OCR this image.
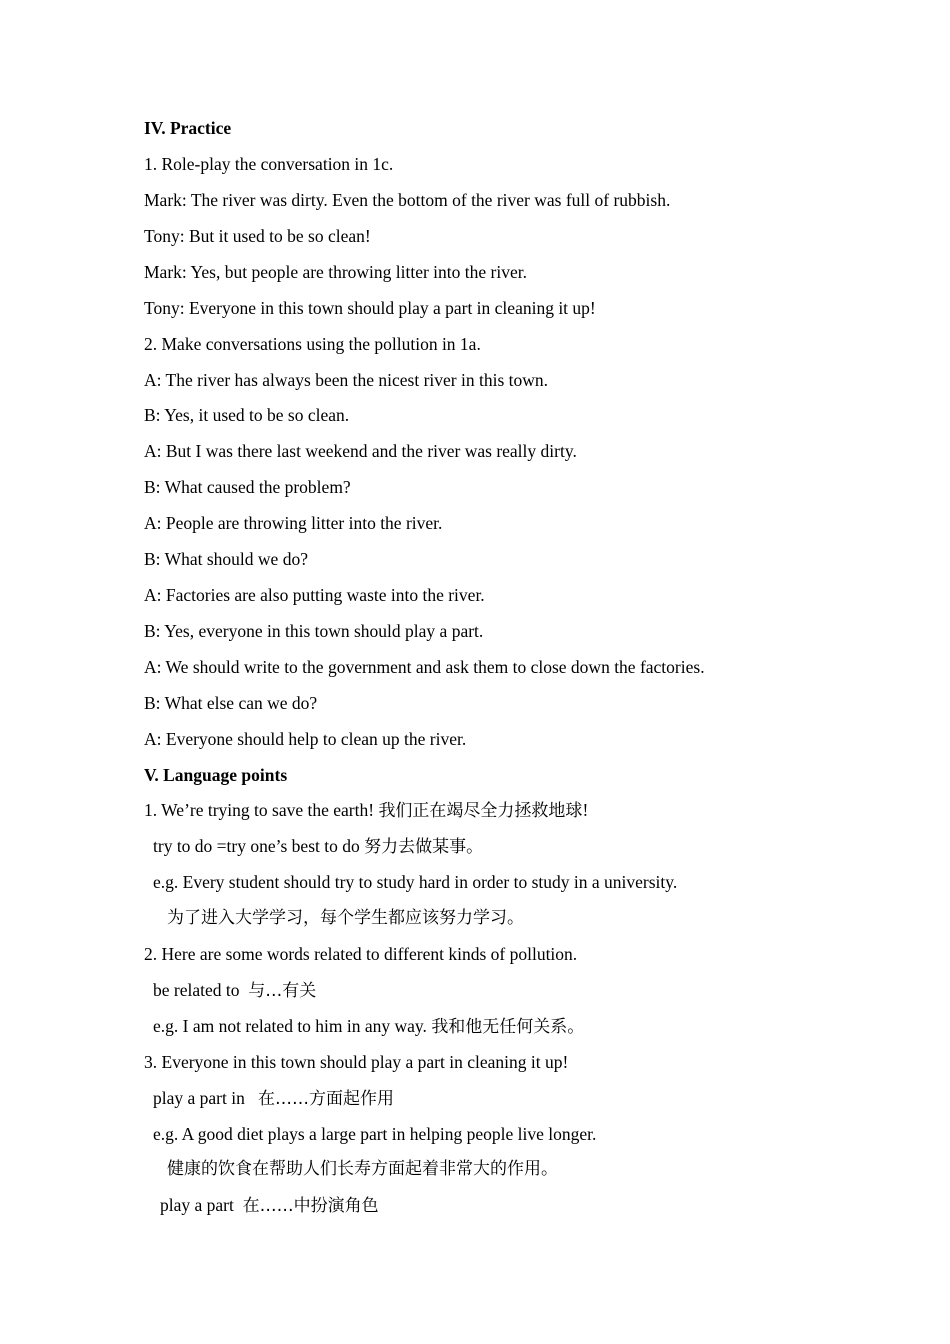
IV. Practice
1. Role-play the conversation in 1c.
Mark: The river was dirty. Even the bottom of the river was full of rubbish.
Tony: But it used to be so clean!
Mark: Yes, but people are throwing litter into the river.
Tony: Everyone in this town should play a part in cleaning it up!
2. Make conversations using the pollution in 1a.
A: The river has always been the nicest river in this town.
B: Yes, it used to be so clean.
A: But I was there last weekend and the river was really dirty.
B: What caused the problem?
A: People are throwing litter into the river.
B: What should we do?
A: Factories are also putting waste into the river.
B: Yes, everyone in this town should play a part.
A: We should write to the government and ask them to close down the factories.
B: What else can we do?
A: Everyone should help to clean up the river.
V. Language points
1. We’re trying to save the earth! 我们正在竭尽全力拯救地球!
try to do =try one’s best to do 努力去做某事。
e.g. Every student should try to study hard in order to study in a university.
为了进入大学学习，每个学生都应该努力学习。
2. Here are some words related to different kinds of pollution.
be related to 与…有关
e.g. I am not related to him in any way. 我和他无任何关系。
3. Everyone in this town should play a part in cleaning it up!
play a part in 在……方面起作用
e.g. A good diet plays a large part in helping people live longer.
健康的饮食在帮助人们长寿方面起着非常大的作用。
play a part 在……中扮演角色
